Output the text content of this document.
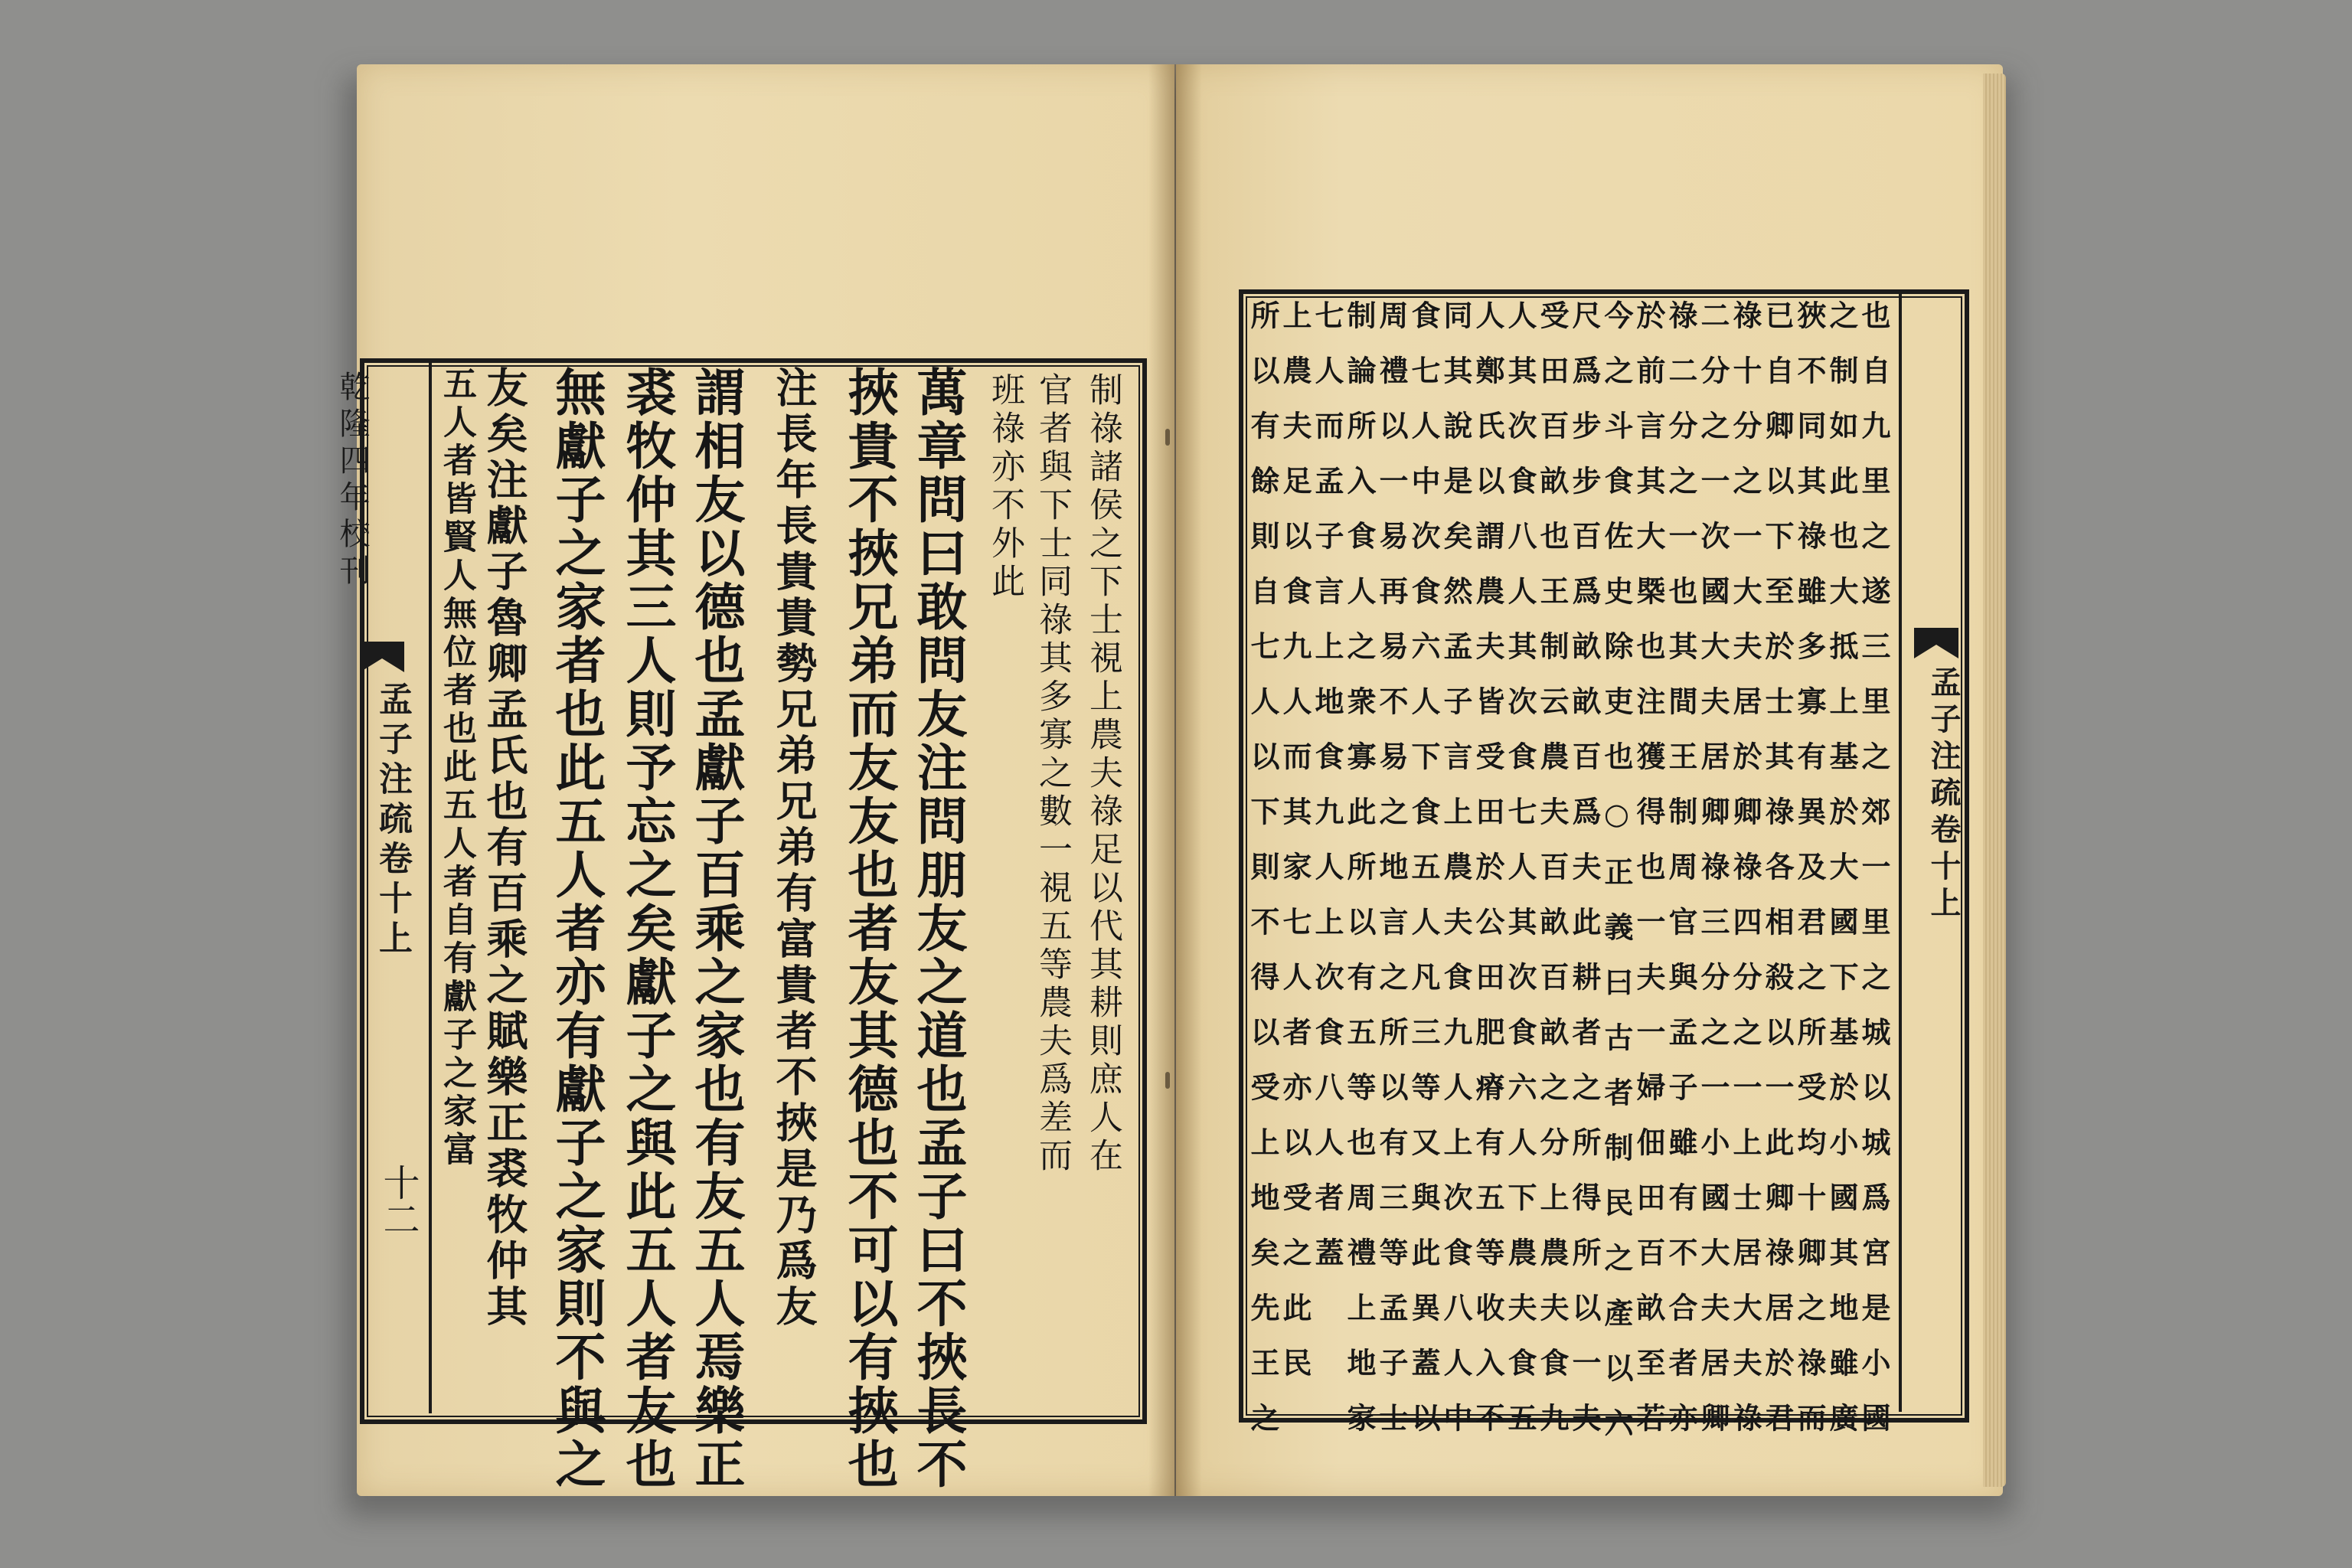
乾隆四年校刊
孟子注疏卷十上
十二
制祿諸侯之下士視上農夫祿足以代其耕則庶人在
官者與下士同祿其多寡之數一視五等農夫爲差而
班祿亦不外此
萬章問曰敢問友注問朋友之道也孟子曰不挾長不
挾貴不挾兄弟而友友也者友其德也不可以有挾也
注長年長貴貴勢兄弟兄弟有富貴者不挾是乃爲友
謂相友以德也孟獻子百乘之家也有友五人焉樂正
裘牧仲其三人則予忘之矣獻子之與此五人者友也
無獻子之家者也此五人者亦有獻子之家則不與之
友矣注獻子魯卿孟氏也有百乘之賦樂正裘牧仲其
五人者皆賢人無位者也此五人者自有獻子之家富	孟子注疏卷十上
也自九里之遂三里之郊一里之城以城爲宮是小國
之制如此也大抵上基於大國下基於小國其地雖廣
狹不同其祿雖多寡有異及君之所受均十卿之祿而
已自卿以下至於士其祿各相殺以一此卿祿居於君
祿十分之一大夫居於卿祿四分之一上士居大夫祿
二分之一次國大夫居卿祿三分之一小國大夫居卿
祿二分之一也其間王制周官與孟子雖有不合者亦
於前言其大槩也注獲得也一夫一婦佃田百畝至若
今之斗食佐史除吏也○正義曰古者制民之產以六
尺爲步步百爲畝畝百爲夫此耕者之所得所以一夫
受田百畝也王制云農夫百畝百畝之分上農夫食九
人其次食八人其次食七人其次食六人下農夫食五
人鄭氏以謂農夫皆受田於公田肥瘠有五等收入不
同其說是矣然孟子言上農夫食九人上次食八人中
食七人中次食六人下食五人凡三等又與此異蓋以
周禮以一易再易不易之地言之所以有三等孟子士
制論所入食人之衆寡此所以有五等也周禮上地家
七人而孟子言上地食九人上次食八人者蓋
上農夫足以食九人而其家七人者亦以受之此民
所以有餘則自七人以下則不得以受上地矣先王之
